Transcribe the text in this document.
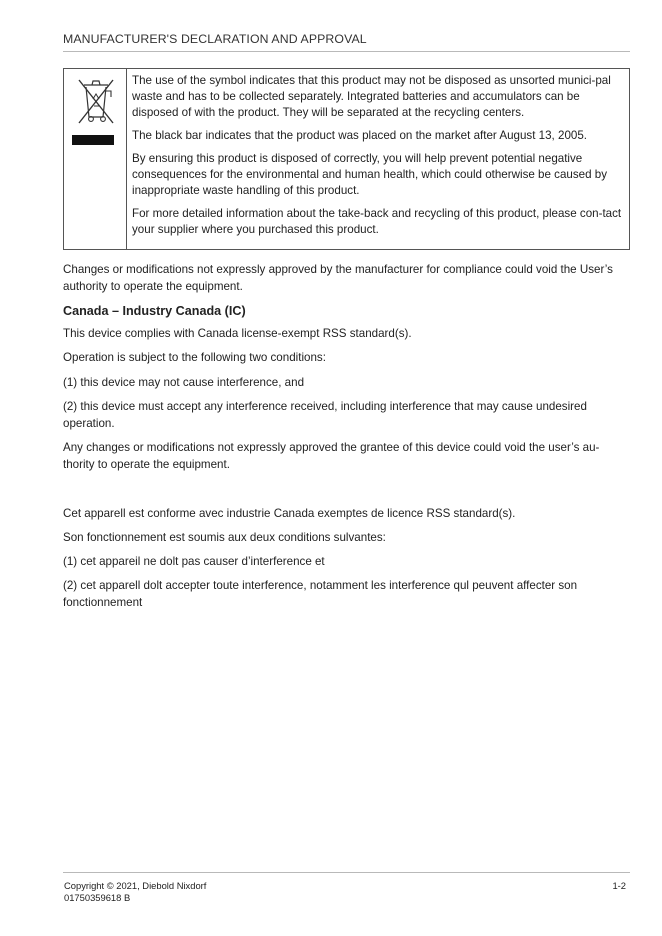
MANUFACTURER'S DECLARATION AND APPROVAL

The use of the symbol indicates that this product may not be disposed as unsorted munici-pal waste and has to be collected separately. Integrated batteries and accumulators can be disposed of with the product. They will be separated at the recycling centers.

The black bar indicates that the product was placed on the market after August 13, 2005.

By ensuring this product is disposed of correctly, you will help prevent potential negative consequences for the environmental and human health, which could otherwise be caused by inappropriate waste handling of this product.

For more detailed information about the take-back and recycling of this product, please con-tact your supplier where you purchased this product.

Changes or modifications not expressly approved by the manufacturer for compliance could void the User’s authority to operate the equipment.

Canada – Industry Canada (IC)

This device complies with Canada license-exempt RSS standard(s).

Operation is subject to the following two conditions:

(1) this device may not cause interference, and

(2) this device must accept any interference received, including interference that may cause undesired operation.

Any changes or modifications not expressly approved the grantee of this device could void the user’s au-thority to operate the equipment.

Cet apparell est conforme avec industrie Canada exemptes de licence RSS standard(s).

Son fonctionnement est soumis aux deux conditions sulvantes:

(1) cet appareil ne dolt pas causer d’interference et

(2) cet apparell dolt accepter toute interference, notamment les interference qul peuvent affecter son fonctionnement

Copyright © 2021, Diebold Nixdorf
01750359618 B
1-2
